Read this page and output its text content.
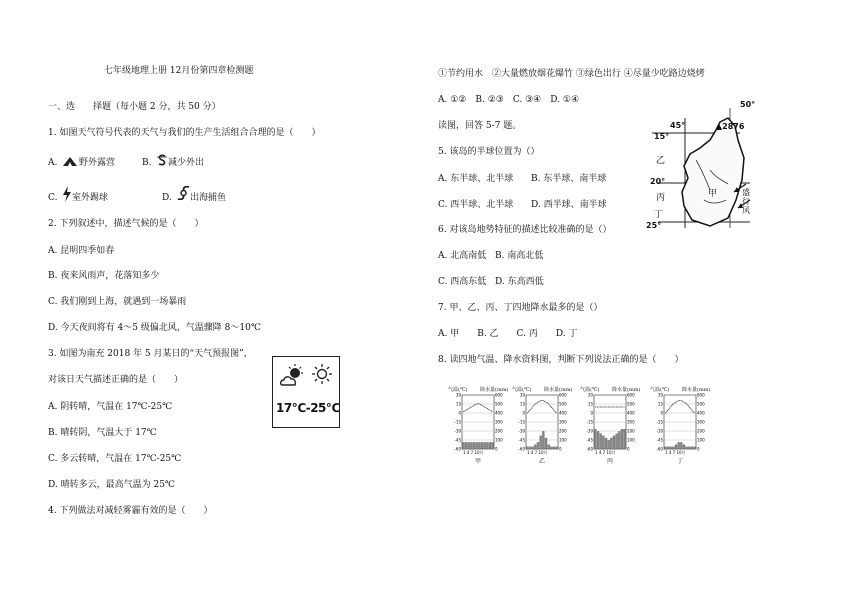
七年级地理上册 12月份第四章检测题
一、选　　择题（每小题 2 分，共 50 分）
1. 如图天气符号代表的天气与我们的生产生活组合合理的是（　　）
A. 野外露营	B. 减少外出
C. 室外踢球	D. 出海捕鱼
2. 下列叙述中，描述气候的是（　　）
A. 昆明四季如春
B. 夜来风雨声，花落知多少
C. 我们刚到上海，就遇到一场暴雨
D. 今天夜间将有 4～5 级偏北风，气温骤降 8～10℃
3. 如图为南充 2018 年 5 月某日的“天气预报图”，
对该日天气描述正确的是（　　）
A. 阴转晴，气温在 17℃-25℃
B. 晴转阴，气温大于 17℃
C. 多云转晴，气温在 17℃-25℃
D. 晴转多云，最高气温为 25℃
4. 下列做法对减轻雾霾有效的是（　　）
17℃-25℃
①节约用水　②大量燃放烟花爆竹 ③绿色出行 ④尽量少吃路边烧烤
A. ①②　B. ②③　C. ③④　D. ①④
读图，回答 5-7 题。
5. 该岛的半球位置为（）
A. 东半球、北半球 B. 东半球、南半球
C. 西半球、北半球 D. 西半球、南半球
6. 对该岛地势特征的描述比较准确的是（）
A. 北高南低 B. 南高北低
C. 西高东低 D. 东高西低
7. 甲、乙、丙、丁四地降水最多的是（）
A. 甲　　B. 乙　　C. 丙　　D. 丁
8. 读四地气温、降水资料图，判断下列说法正确的是（　　）
50°
45°	▲2876
15°
乙
20°
甲
丙
丁
盛行风
25°
气温(℃)	降水量(mm)
30	600
15	500
0	400
-15	300
-30	200
-45	100
-60	0
1 4 7 10月
甲
气温(℃)	降水量(mm)
30	600
15	500
0	400
-15	300
-30	200
-45	100
-60	0
1 4 7 10月
乙
气温(℃)	降水量(mm)
30	600
15	500
0	400
-15	300
-30	200
-45	100
-60	0
1 4 7 10月
丙
气温(℃)	降水量(mm)
30	600
15	500
0	400
-15	300
-30	200
-45	100
-60	0
1 4 7 10月
丁
